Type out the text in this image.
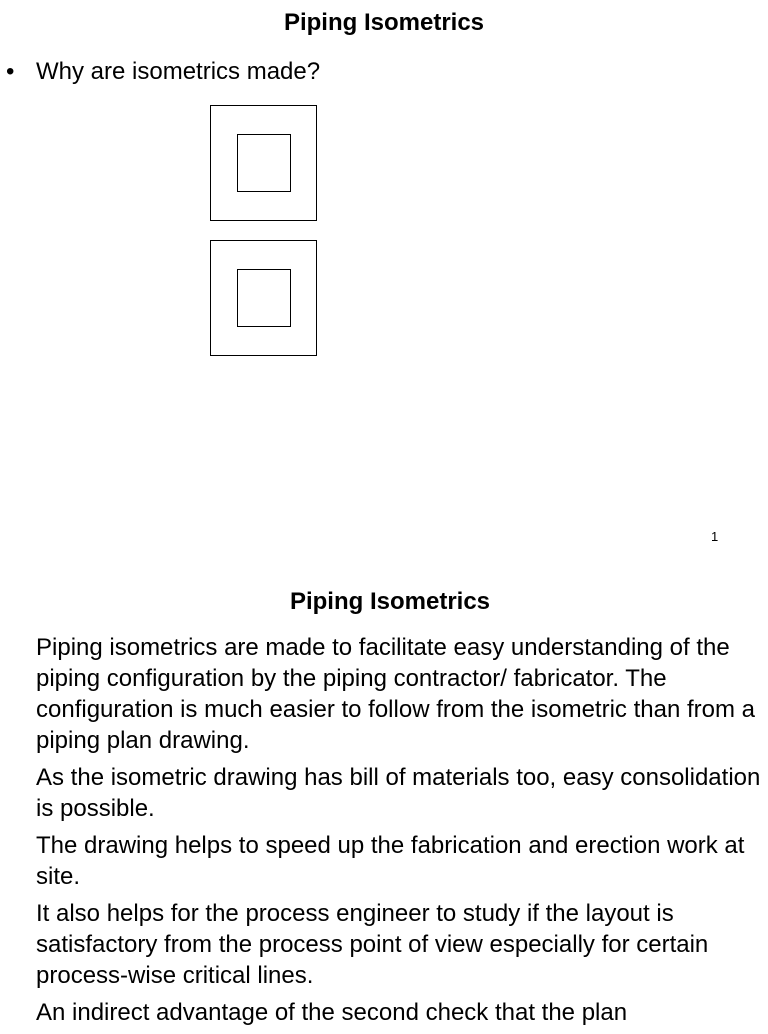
Piping Isometrics
• Why are isometrics made?
1
Piping Isometrics

Piping isometrics are made to facilitate easy understanding of the piping configuration by the piping contractor/ fabricator. The configuration is much easier to follow from the isometric than from a piping plan drawing.

As the isometric drawing has bill of materials too, easy consolidation is possible.

The drawing helps to speed up the fabrication and erection work at site.

It also helps for the process engineer to study if the layout is satisfactory from the process point of view especially for certain process-wise critical lines.

An indirect advantage of the second check that the plan
